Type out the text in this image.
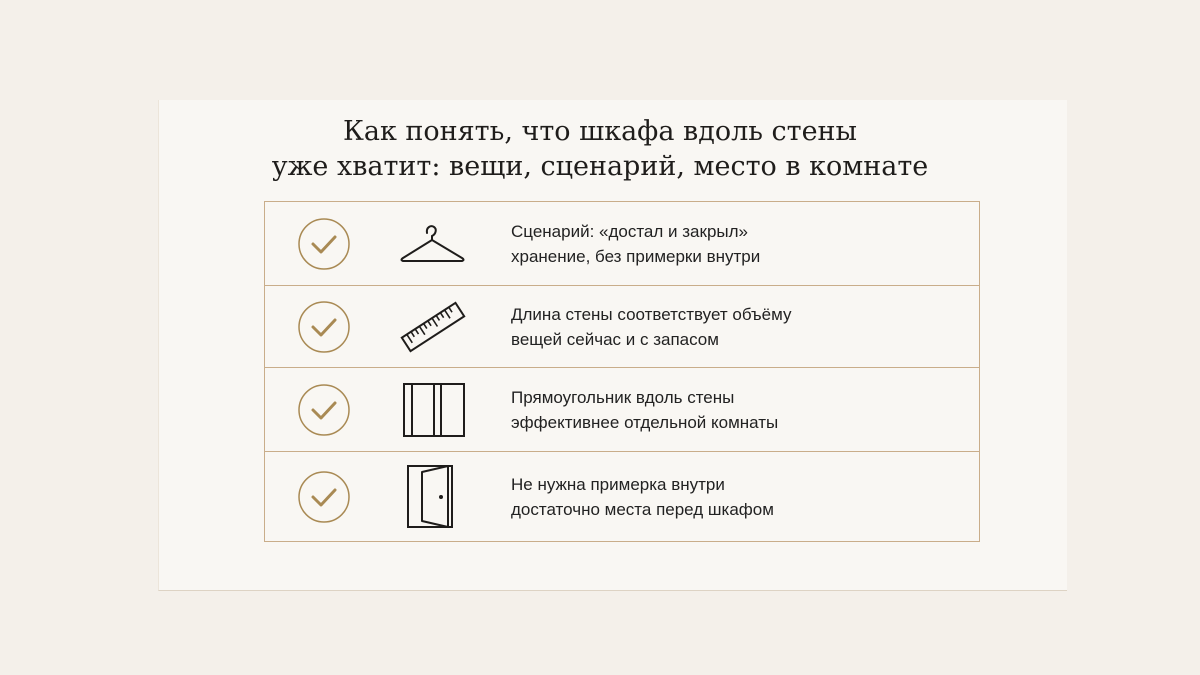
Как понять, что шкафа вдоль стены
уже хватит: вещи, сценарий, место в комнате
Сценарий: «достал и закрыл»
хранение, без примерки внутри
Длина стены соответствует объёму
вещей сейчас и с запасом
Прямоугольник вдоль стены
эффективнее отдельной комнаты
Не нужна примерка внутри
достаточно места перед шкафом
